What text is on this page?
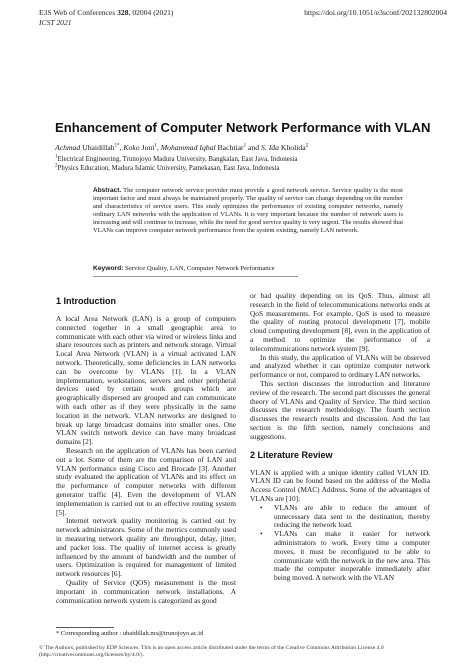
E3S Web of Conferences 328, 02004 (2021)
ICST 2021
https://doi.org/10.1051/e3sconf/202132802004
Enhancement of Computer Network Performance with VLAN
Achmad Ubaidillah$^{1*}$, Koko Joni$^1$, Mohammad Iqbal Bachtiar$^1$ and S. Ida Kholida$^2$
$^1$Electrical Engineering, Trunojoyo Madura University, Bangkalan, East Java, Indonesia
$^2$Physics Education, Madura Islamic University, Pamekasan, East Java, Indonesia

Abstract. The computer network service provider must provide a good network service. Service quality is the most important factor and must always be maintained properly. The quality of service can change depending on the number and characteristics of service users. This study optimizes the performance of existing computer networks, namely ordinary LAN networks with the application of VLANs. It is very important because the number of network users is increasing and will continue to increase, while the need for good service quality is very urgent. The results showed that VLANs can improve computer network performance from the system existing, namely LAN network.

Keyword: Service Quality, LAN, Computer Network Performance
1 Introduction

A local Area Network (LAN) is a group of computers connected together in a small geographic area to communicate with each other via wired or wireless links and share resources such as printers and network storage. Virtual Local Area Network (VLAN) is a virtual activated LAN network. Theoretically, some deficiencies in LAN networks can be overcome by VLANs [1]. In a VLAN implementation, workstations, servers and other peripheral devices used by certain work groups which are geographically dispersed are grouped and can communicate with each other as if they were physically in the same location in the network. VLAN networks are designed to break up large broadcast domains into smaller ones. One VLAN switch network device can have many broadcast domains [2].

Research on the application of VLANs has been carried out a lot. Some of them are the comparison of LAN and VLAN performance using Cisco and Brocade [3]. Another study evaluated the application of VLANs and its effect on the performance of computer networks with different generator traffic [4]. Even the development of VLAN implementation is carried out to an effective routing system [5].

Internet network quality monitoring is carried out by network administrators. Some of the metrics commonly used in measuring network quality are throughput, delay, jitter, and packet loss. The quality of internet access is greatly influenced by the amount of bandwidth and the number of users. Optimization is required for management of limited network resources [6].

Quality of Service (QOS) measurement is the most important in communication network installations. A communication network system is categorized as good

or bad quality depending on its QoS. Thus, almost all research in the field of telecommunications networks ends at QoS measurements. For example, QoS is used to measure the quality of routing protocol development [7], mobile cloud computing development [8], even in the application of a method to optimize the performance of a telecommunications network system [9].

In this study, the application of VLANs will be observed and analyzed whether it can optimize computer network performance or not, compared to ordinary LAN networks.

This section discusses the introduction and literature review of the research. The second part discusses the general theory of VLANs and Quality of Service. The third section discusses the research methodology. The fourth section discusses the research results and discussion. And the last section is the fifth section, namely conclusions and suggestions.

2 Literature Review

VLAN is applied with a unique identity called VLAN ID. VLAN ID can be found based on the address of the Media Access Control (MAC) Address. Some of the advantages of VLANs are [10]:

• VLANs are able to reduce the amount of unnecessary data sent to the destination, thereby reducing the network load.
• VLANs can make it easier for network administrators to work. Every time a computer moves, it must be reconfigured to be able to communicate with the network in the new area. This made the computer inoperable immediately after being moved. A network with the VLAN
* Corresponding author : ubaidillah.ms@trunojoyo.ac.id
© The Authors, published by EDP Sciences. This is an open access article distributed under the terms of the Creative Commons Attribution License 4.0 (http://creativecommons.org/licenses/by/4.0/).
